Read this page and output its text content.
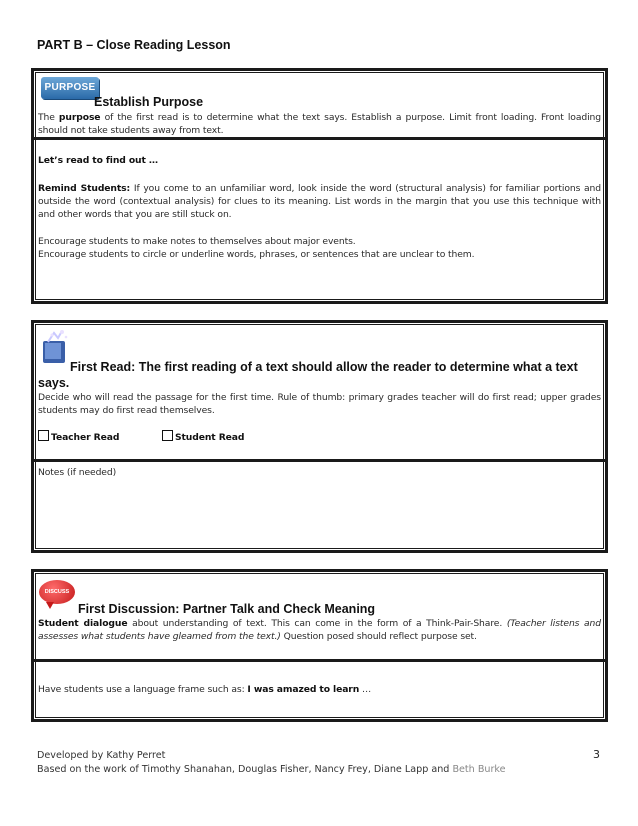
PART B – Close Reading Lesson
PURPOSE
Establish Purpose
The purpose of the first read is to determine what the text says. Establish a purpose. Limit front loading. Front loading should not take students away from text.
Let’s read to find out …
Remind Students: If you come to an unfamiliar word, look inside the word (structural analysis) for familiar portions and outside the word (contextual analysis) for clues to its meaning. List words in the margin that you use this technique with and other words that you are still stuck on.
Encourage students to make notes to themselves about major events.
Encourage students to circle or underline words, phrases, or sentences that are unclear to them.
First Read: The first reading of a text should allow the reader to determine what a text says.
Decide who will read the passage for the first time. Rule of thumb: primary grades teacher will do first read; upper grades students may do first read themselves.
Teacher Read	Student Read
Notes (if needed)
DISCUSS
First Discussion: Partner Talk and Check Meaning
Student dialogue about understanding of text. This can come in the form of a Think-Pair-Share. (Teacher listens and assesses what students have gleamed from the text.) Question posed should reflect purpose set.
Have students use a language frame such as: I was amazed to learn …
Developed by Kathy Perret
Based on the work of Timothy Shanahan, Douglas Fisher, Nancy Frey, Diane Lapp and Beth Burke
3
